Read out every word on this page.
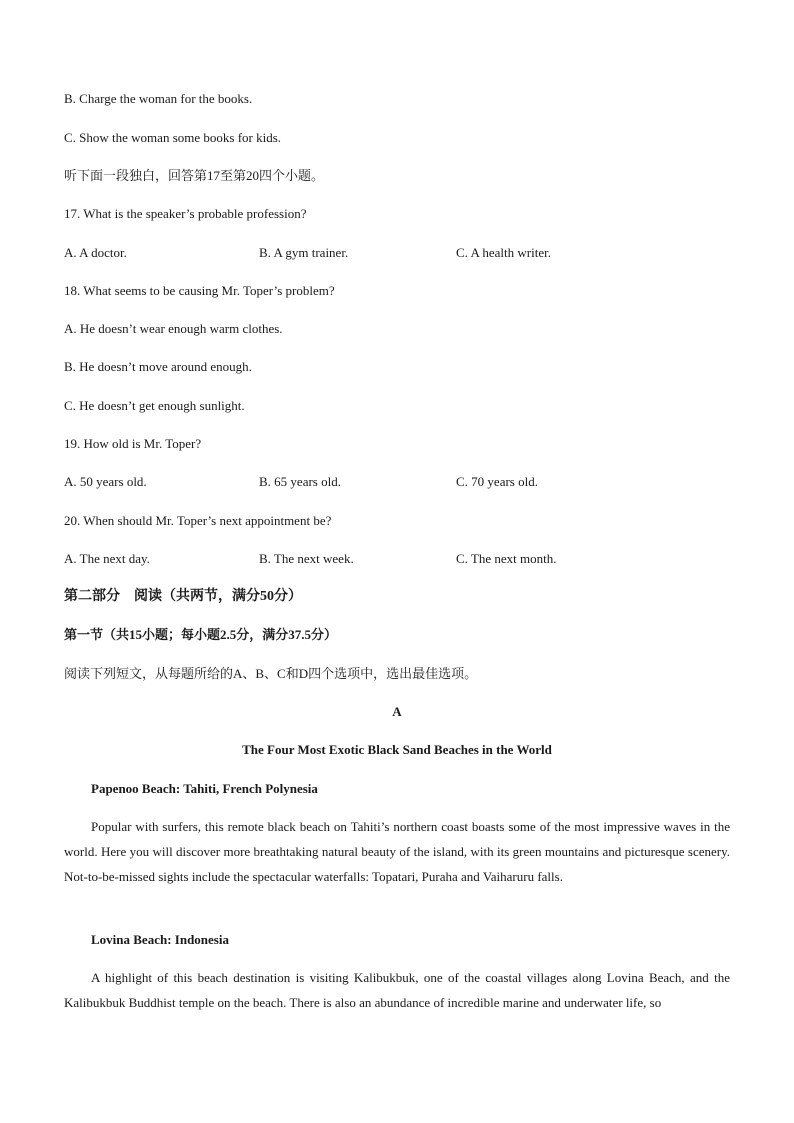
B. Charge the woman for the books.
C. Show the woman some books for kids.
听下面一段独白，回答第17至第20四个小题。
17. What is the speaker’s probable profession?
A. A doctor.	B. A gym trainer.	C. A health writer.
18. What seems to be causing Mr. Toper’s problem?
A. He doesn’t wear enough warm clothes.
B. He doesn’t move around enough.
C. He doesn’t get enough sunlight.
19. How old is Mr. Toper?
A. 50 years old.	B. 65 years old.	C. 70 years old.
20. When should Mr. Toper’s next appointment be?
A. The next day.	B. The next week.	C. The next month.
第二部分    阅读（共两节，满分50分）
第一节（共15小题；每小题2.5分，满分37.5分）
阅读下列短文，从每题所给的A、B、C和D四个选项中，选出最佳选项。
A
The Four Most Exotic Black Sand Beaches in the World
Papenoo Beach: Tahiti, French Polynesia

Popular with surfers, this remote black beach on Tahiti’s northern coast boasts some of the most impressive waves in the world. Here you will discover more breathtaking natural beauty of the island, with its green mountains and picturesque scenery. Not-to-be-missed sights include the spectacular waterfalls: Topatari, Puraha and Vaiharuru falls.

Lovina Beach: Indonesia

A highlight of this beach destination is visiting Kalibukbuk, one of the coastal villages along Lovina Beach, and the Kalibukbuk Buddhist temple on the beach. There is also an abundance of incredible marine and underwater life, so
